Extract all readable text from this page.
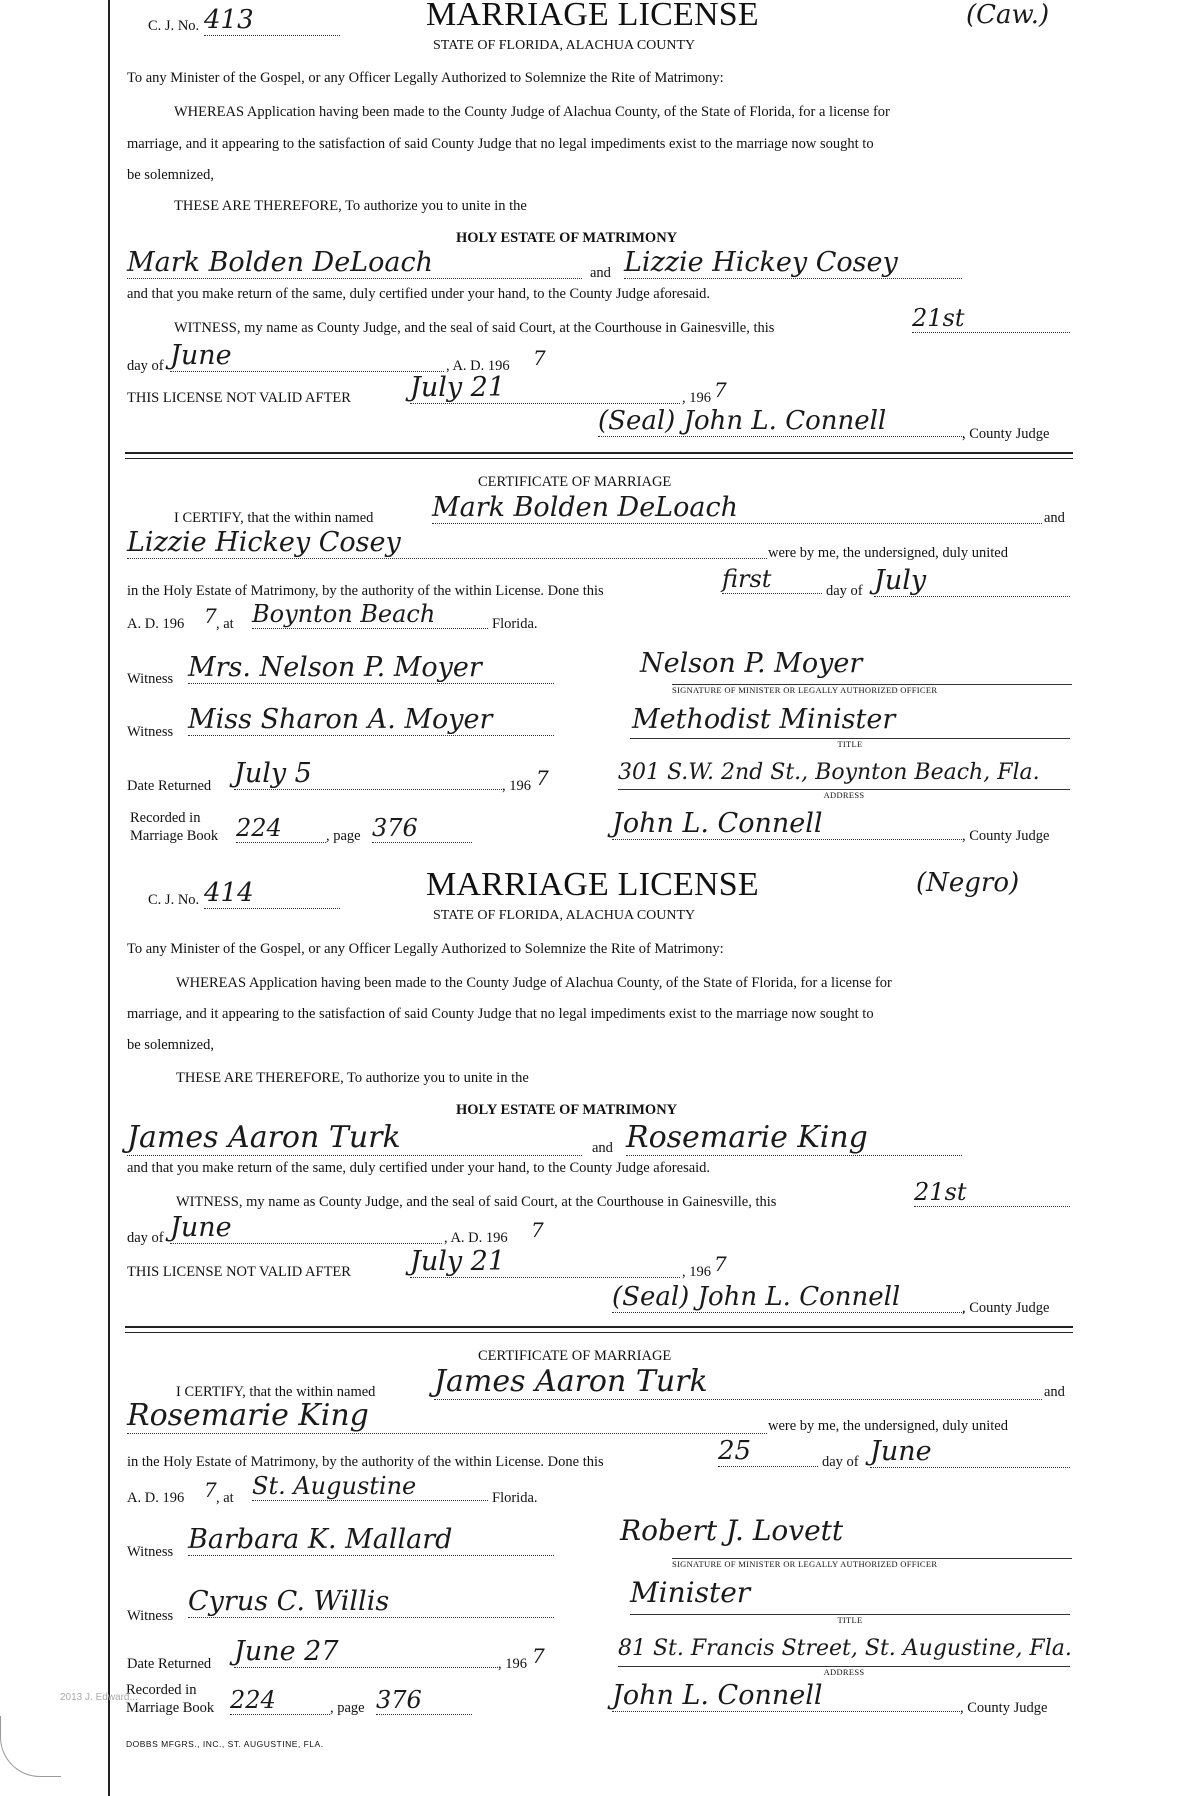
C. J. No. 413	MARRIAGE LICENSE
STATE OF FLORIDA, ALACHUA COUNTY
(Caw.)
To any Minister of the Gospel, or any Officer Legally Authorized to Solemnize the Rite of Matrimony:
WHEREAS Application having been made to the County Judge of Alachua County, of the State of Florida, for a license for
marriage, and it appearing to the satisfaction of said County Judge that no legal impediments exist to the marriage now sought to
be solemnized,
THESE ARE THEREFORE, To authorize you to unite in the
HOLY ESTATE OF MATRIMONY
Mark Bolden DeLoach	and Lizzie Hickey Cosey
and that you make return of the same, duly certified under your hand, to the County Judge aforesaid.
WITNESS, my name as County Judge, and the seal of said Court, at the Courthouse in Gainesville, this	21st
day of June	, A. D. 196 7
THIS LICENSE NOT VALID AFTER July 21	, 196 7
(Seal) John L. Connell	, County Judge
CERTIFICATE OF MARRIAGE
I CERTIFY, that the within named Mark Bolden DeLoach	and
Lizzie Hickey Cosey	were by me, the undersigned, duly united
in the Holy Estate of Matrimony, by the authority of the within License. Done this	first	day of July
A. D. 196 7 , at Boynton Beach	Florida.
Witness Mrs. Nelson P. Moyer	Nelson P. Moyer
SIGNATURE OF MINISTER OR LEGALLY AUTHORIZED OFFICER
Witness Miss Sharon A. Moyer	Methodist Minister
TITLE
Date Returned July 5	, 196 7	301 S.W. 2nd St., Boynton Beach, Fla.
ADDRESS
Recorded in
Marriage Book 224	, page 376	John L. Connell	, County Judge
C. J. No. 414	MARRIAGE LICENSE
STATE OF FLORIDA, ALACHUA COUNTY
(Negro)
To any Minister of the Gospel, or any Officer Legally Authorized to Solemnize the Rite of Matrimony:
WHEREAS Application having been made to the County Judge of Alachua County, of the State of Florida, for a license for
marriage, and it appearing to the satisfaction of said County Judge that no legal impediments exist to the marriage now sought to
be solemnized,
THESE ARE THEREFORE, To authorize you to unite in the
HOLY ESTATE OF MATRIMONY
James Aaron Turk	and Rosemarie King
and that you make return of the same, duly certified under your hand, to the County Judge aforesaid.
WITNESS, my name as County Judge, and the seal of said Court, at the Courthouse in Gainesville, this	21st
day of June	, A. D. 196 7
THIS LICENSE NOT VALID AFTER July 21	, 196 7
(Seal) John L. Connell	, County Judge
CERTIFICATE OF MARRIAGE
I CERTIFY, that the within named James Aaron Turk	and
Rosemarie King	were by me, the undersigned, duly united
in the Holy Estate of Matrimony, by the authority of the within License. Done this	25	day of June
A. D. 196 7 , at St. Augustine	Florida.
Witness Barbara K. Mallard	Robert J. Lovett
SIGNATURE OF MINISTER OR LEGALLY AUTHORIZED OFFICER
Witness Cyrus C. Willis	Minister
TITLE
Date Returned June 27	, 196 7	81 St. Francis Street, St. Augustine, Fla.
ADDRESS
Recorded in
Marriage Book 224	, page 376	John L. Connell	, County Judge
2013 J. Edward...
DOBBS MFGRS., INC., ST. AUGUSTINE, FLA.
